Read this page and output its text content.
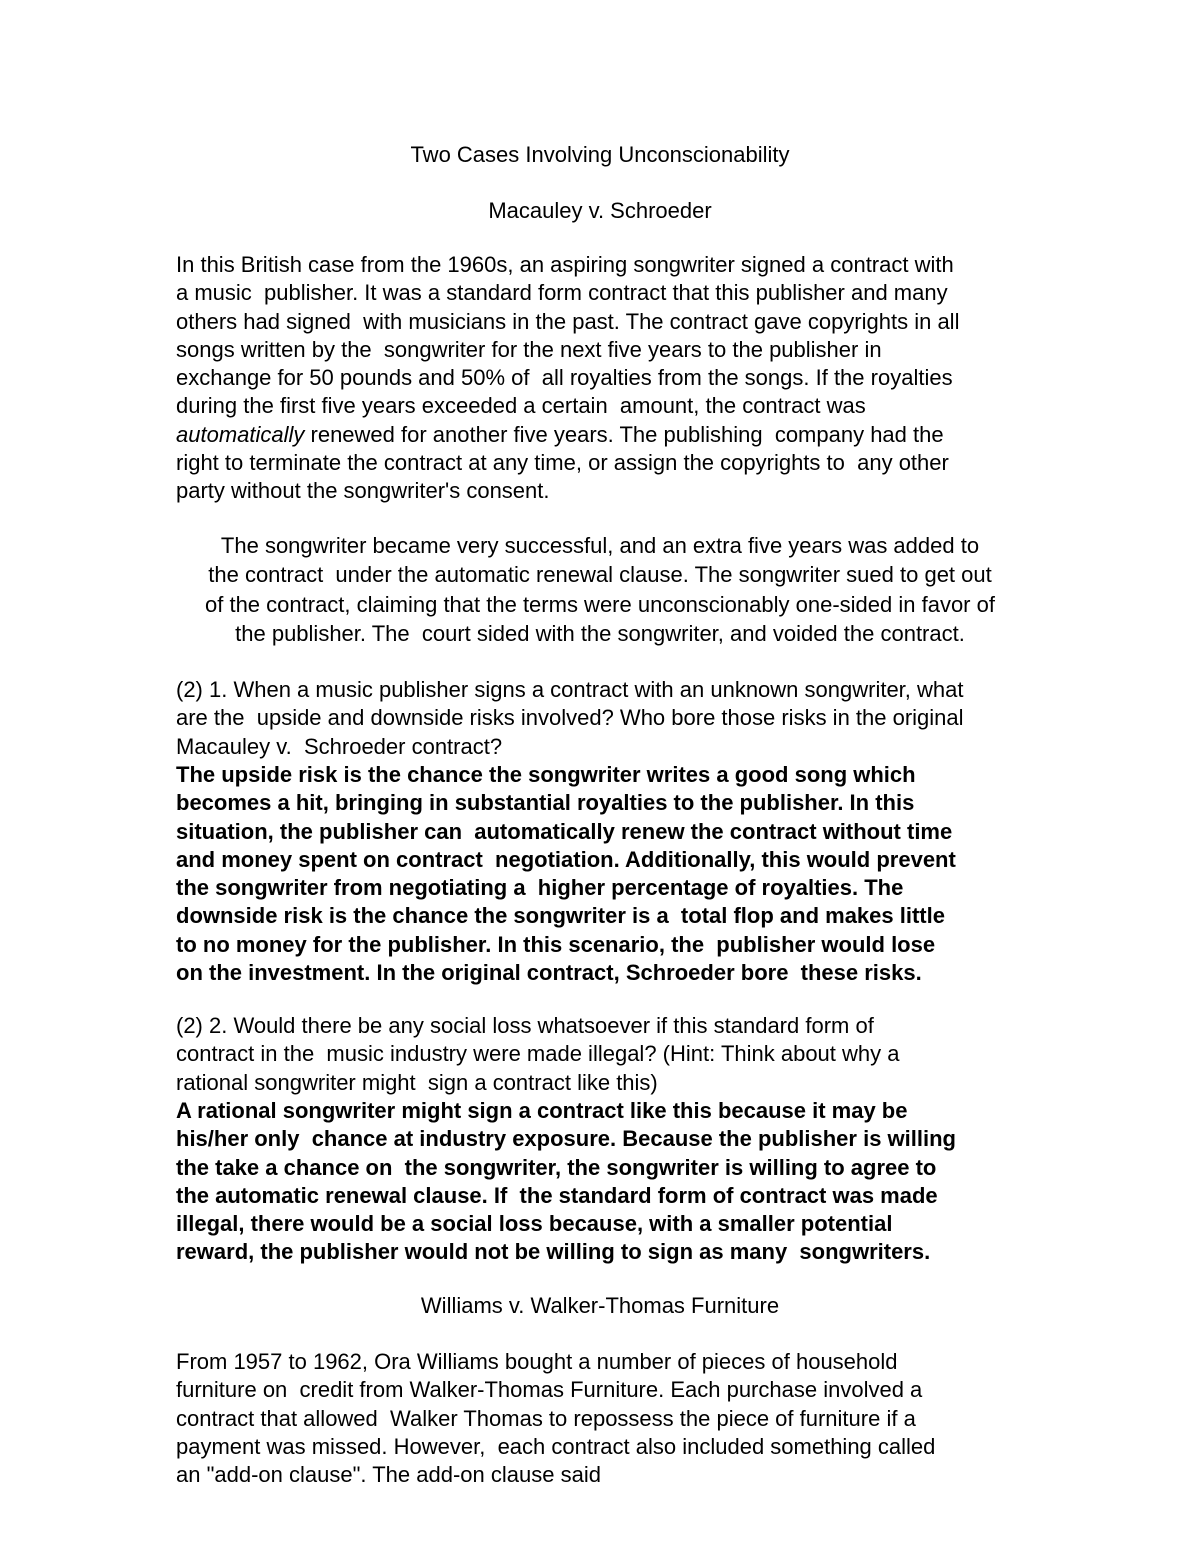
Two Cases Involving Unconscionability
Macauley v. Schroeder
In this British case from the 1960s, an aspiring songwriter signed a contract with
a music  publisher. It was a standard form contract that this publisher and many
others had signed  with musicians in the past. The contract gave copyrights in all
songs written by the  songwriter for the next five years to the publisher in
exchange for 50 pounds and 50% of  all royalties from the songs. If the royalties
during the first five years exceeded a certain  amount, the contract was
automatically renewed for another five years. The publishing  company had the
right to terminate the contract at any time, or assign the copyrights to  any other
party without the songwriter's consent.
The songwriter became very successful, and an extra five years was added to
the contract  under the automatic renewal clause. The songwriter sued to get out
of the contract, claiming that the terms were unconscionably one-sided in favor of
the publisher. The  court sided with the songwriter, and voided the contract.
(2) 1. When a music publisher signs a contract with an unknown songwriter, what
are the  upside and downside risks involved? Who bore those risks in the original
Macauley v.  Schroeder contract?
The upside risk is the chance the songwriter writes a good song which
becomes a hit, bringing in substantial royalties to the publisher. In this
situation, the publisher can  automatically renew the contract without time
and money spent on contract  negotiation. Additionally, this would prevent
the songwriter from negotiating a  higher percentage of royalties. The
downside risk is the chance the songwriter is a  total flop and makes little
to no money for the publisher. In this scenario, the  publisher would lose
on the investment. In the original contract, Schroeder bore  these risks.
(2) 2. Would there be any social loss whatsoever if this standard form of
contract in the  music industry were made illegal? (Hint: Think about why a
rational songwriter might  sign a contract like this)
A rational songwriter might sign a contract like this because it may be
his/her only  chance at industry exposure. Because the publisher is willing
the take a chance on  the songwriter, the songwriter is willing to agree to
the automatic renewal clause. If  the standard form of contract was made
illegal, there would be a social loss because, with a smaller potential
reward, the publisher would not be willing to sign as many  songwriters.
Williams v. Walker-Thomas Furniture
From 1957 to 1962, Ora Williams bought a number of pieces of household
furniture on  credit from Walker-Thomas Furniture. Each purchase involved a
contract that allowed  Walker Thomas to repossess the piece of furniture if a
payment was missed. However,  each contract also included something called
an "add-on clause". The add-on clause said
